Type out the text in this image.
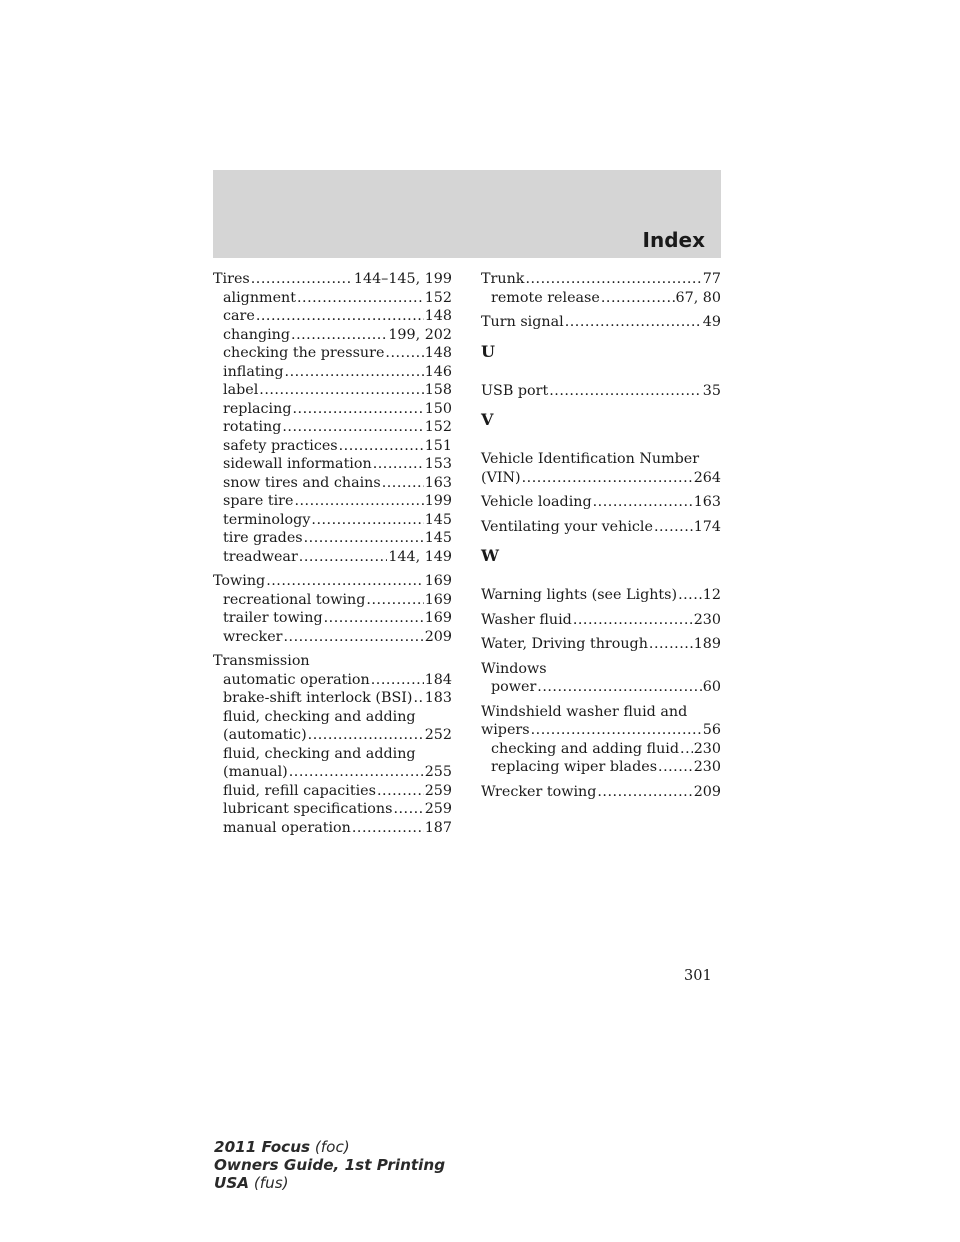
Index
Tires .....	144–145, 199
alignment .....	152
care .....	148
changing .....	199, 202
checking the pressure .....	148
inflating .....	146
label .....	158
replacing .....	150
rotating .....	152
safety practices .....	151
sidewall information .....	153
snow tires and chains .....	163
spare tire .....	199
terminology .....	145
tire grades .....	145
treadwear .....	144, 149
Towing .....	169
recreational towing .....	169
trailer towing .....	169
wrecker .....	209
Transmission
automatic operation .....	184
brake-shift interlock (BSI) ..... 183
fluid, checking and adding
(automatic) .....	252
fluid, checking and adding
(manual) .....	255
fluid, refill capacities .....	259
lubricant specifications ..... 259
manual operation .....	187
Trunk .....	77
remote release .....	67, 80
Turn signal .....	49
U
USB port .....	35
V
Vehicle Identification Number
(VIN) .....	264
Vehicle loading .....	163
Ventilating your vehicle .....	174
W
Warning lights (see Lights) ..... 12
Washer fluid .....	230
Water, Driving through .....	189
Windows
power .....	60
Windshield washer fluid and
wipers .....	56
checking and adding fluid ..... 230
replacing wiper blades .....	230
Wrecker towing .....	209
301
2011 Focus (foc)
Owners Guide, 1st Printing
USA (fus)
